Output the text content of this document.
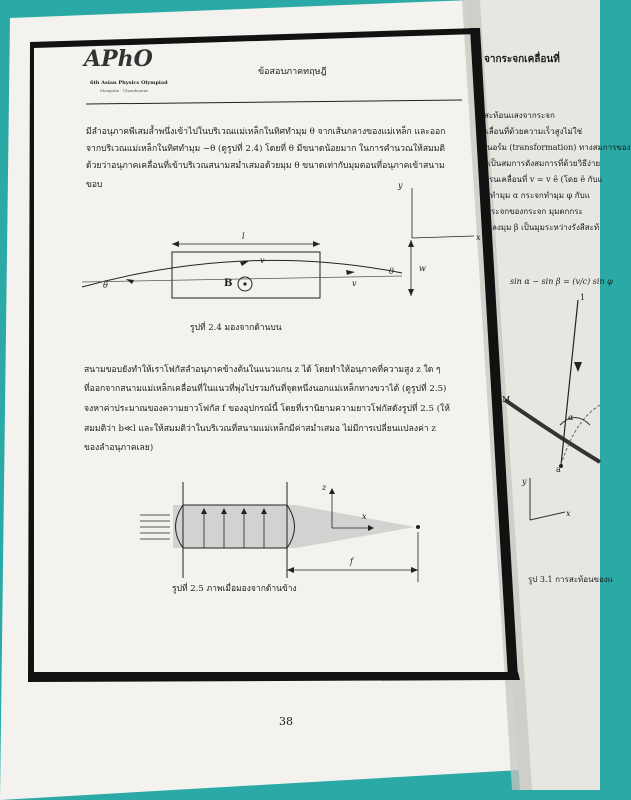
APhO
6th Asian Physics Olympiad
Mongolia · Ulaanbaatar
ข้อสอบภาคทฤษฎี
มีลำอนุภาคพีเสมล้ำพนึ่งเข้าไปในบริเวณแม่เหล็กในทิศทำมุม θ จากเส้นกลางของแม่เหล็ก และออก
จากบริเวณแม่เหล็กในทิศทำมุม −θ (ดูรูปที่ 2.4) โดยที่ θ มีขนาดน้อยมาก ในการคำนวณให้สมมติ
ด้วยว่าอนุภาคเคลื่อนที่เข้าบริเวณสนามสม่ำเสมอด้วยมุม θ ขนาดเท่ากับมุมตอนที่อนุภาคเข้าสนาม
ขอบ
l
v
v
θ
θ
B
w
y
x
รูปที่ 2.4 มองจากด้านบน
สนามขอบยังทำให้เราโฟกัสลำอนุภาคข้างต้นในแนวแกน z ได้ โดยทำให้อนุภาคที่ความสูง z ใด ๆ
ที่ออกจากสนามแม่เหล็กเคลื่อนที่ในแนวที่พุ่งไปรวมกันที่จุดหนึ่งนอกแม่เหล็กทางขวาได้ (ดูรูปที่ 2.5)
จงหาค่าประมาณของความยาวโฟกัส f ของอุปกรณ์นี้ โดยที่เรานิยามความยาวโฟกัสดังรูปที่ 2.5 (ให้
สมมติว่า b≪l และให้สมมติว่าในบริเวณที่สนามแม่เหล็กมีค่าสม่ำเสมอ ไม่มีการเปลี่ยนแปลงค่า z
ของลำอนุภาคเลย)
z
x
f
รูปที่ 2.5 ภาพเมื่อมองจากด้านข้าง
38
จากระจกเคลื่อนที่
สะท้อนแสงจากระจก
เลื่อนที่ด้วยความเร็วสูงไม่ใช่
นอร์ม (transformation) ทางสมการของ
เป็นสมการดังสมการที่ด้วยวิธีง่าย
รนเคลื่อนที่ v = v ê (โดย ê กับแ
ทำมุม α กระจกทำมุม φ กับแ
ระจกของกระจก มุมตกกระ
ลงมุม β เป็นมุมระหว่างรังสีสะท้
sin α − sin β = (v/c) sin φ
1
α
M
a
y
x
รูป 3.1 การสะท้อนของแ
